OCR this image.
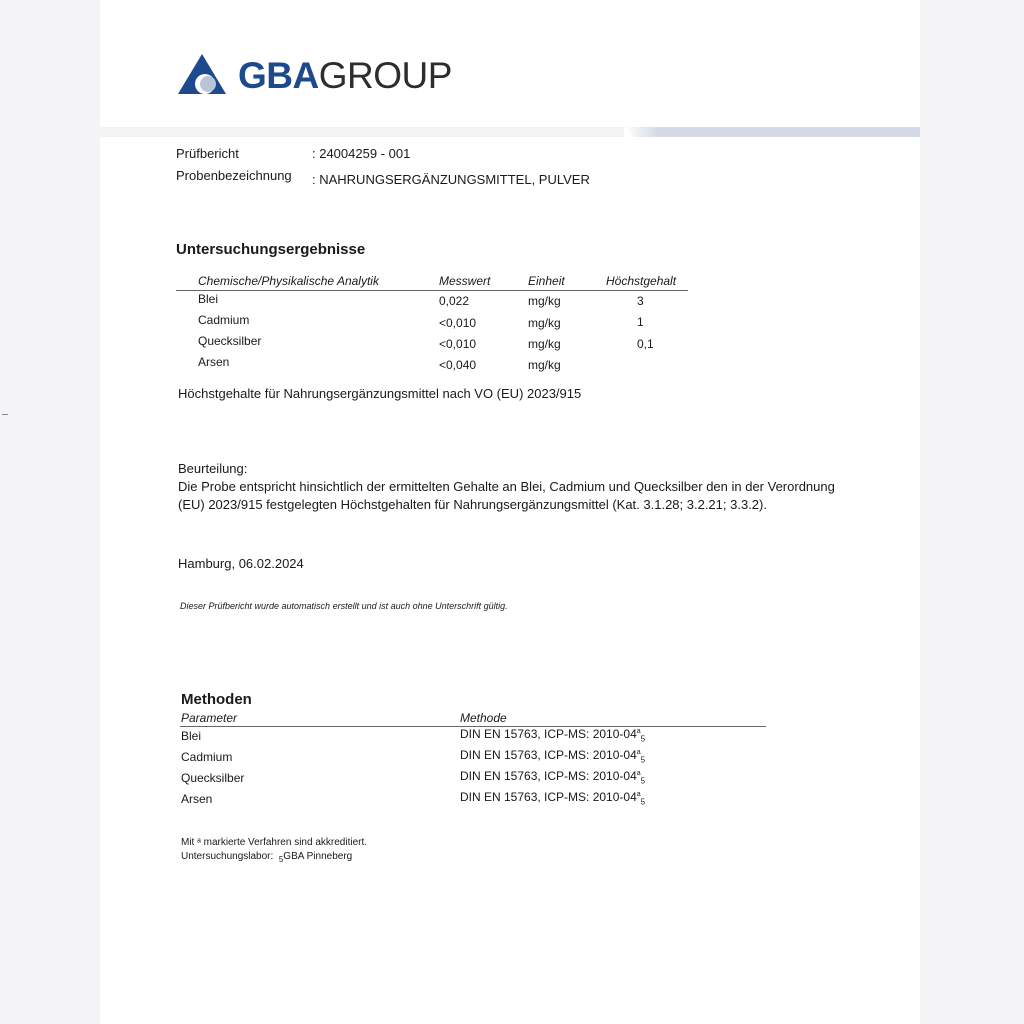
GBAGROUP
Prüfbericht	: 24004259 - 001
Probenbezeichnung : NAHRUNGSERGÄNZUNGSMITTEL, PULVER
Untersuchungsergebnisse
Chemische/Physikalische Analytik	Messwert	Einheit	Höchstgehalt
Blei	0,022	mg/kg	3
Cadmium	<0,010	mg/kg	1
Quecksilber	<0,010	mg/kg	0,1
Arsen	<0,040	mg/kg
Höchstgehalte für Nahrungsergänzungsmittel nach VO (EU) 2023/915
Beurteilung:
Die Probe entspricht hinsichtlich der ermittelten Gehalte an Blei, Cadmium und Quecksilber den in der Verordnung (EU) 2023/915 festgelegten Höchstgehalten für Nahrungsergänzungsmittel (Kat. 3.1.28; 3.2.21; 3.3.2).
Hamburg, 06.02.2024
Dieser Prüfbericht wurde automatisch erstellt und ist auch ohne Unterschrift gültig.
Methoden
Parameter	Methode
Blei	DIN EN 15763, ICP-MS: $2010-04^a_5$
Cadmium	DIN EN 15763, ICP-MS: $2010-04^a_5$
Quecksilber	DIN EN 15763, ICP-MS: $2010-04^a_5$
Arsen	DIN EN 15763, ICP-MS: $2010-04^a_5$
Mit ᵃ markierte Verfahren sind akkreditiert.
Untersuchungslabor: $_5$GBA Pinneberg
